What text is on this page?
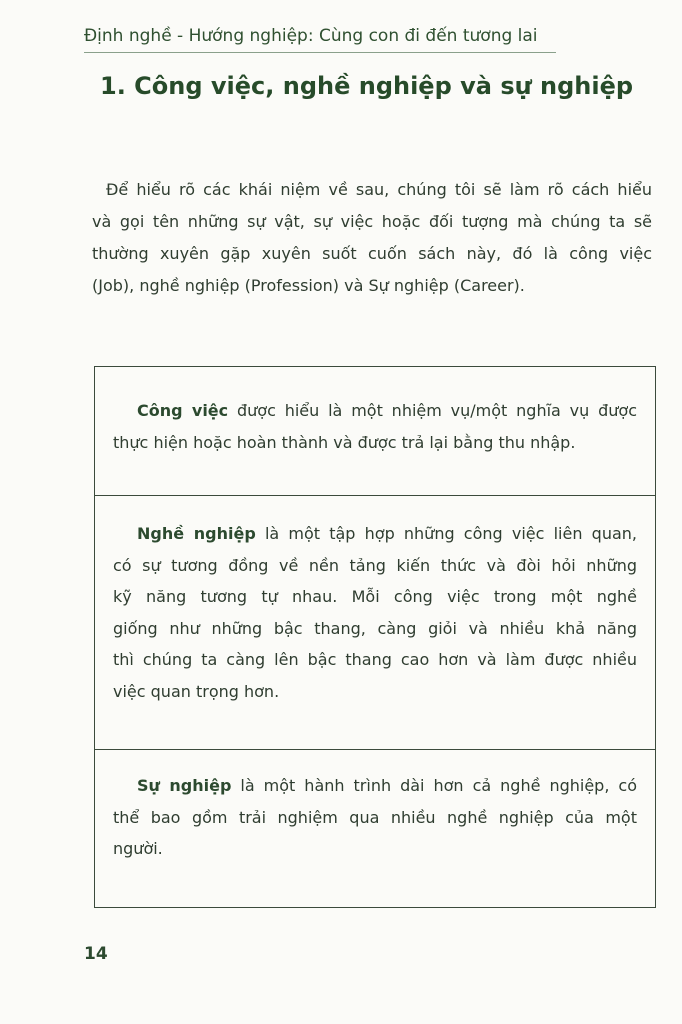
Định nghề - Hướng nghiệp: Cùng con đi đến tương lai
1. Công việc, nghề nghiệp và sự nghiệp

Để hiểu rõ các khái niệm về sau, chúng tôi sẽ làm rõ cách hiểu
và gọi tên những sự vật, sự việc hoặc đối tượng mà chúng ta sẽ
thường xuyên gặp xuyên suốt cuốn sách này, đó là công việc
(Job), nghề nghiệp (Profession) và Sự nghiệp (Career).

Công việc được hiểu là một nhiệm vụ/một nghĩa vụ được
thực hiện hoặc hoàn thành và được trả lại bằng thu nhập.

Nghề nghiệp là một tập hợp những công việc liên quan,
có sự tương đồng về nền tảng kiến thức và đòi hỏi những
kỹ năng tương tự nhau. Mỗi công việc trong một nghề
giống như những bậc thang, càng giỏi và nhiều khả năng
thì chúng ta càng lên bậc thang cao hơn và làm được nhiều
việc quan trọng hơn.

Sự nghiệp là một hành trình dài hơn cả nghề nghiệp, có
thể bao gồm trải nghiệm qua nhiều nghề nghiệp của một
người.

14
